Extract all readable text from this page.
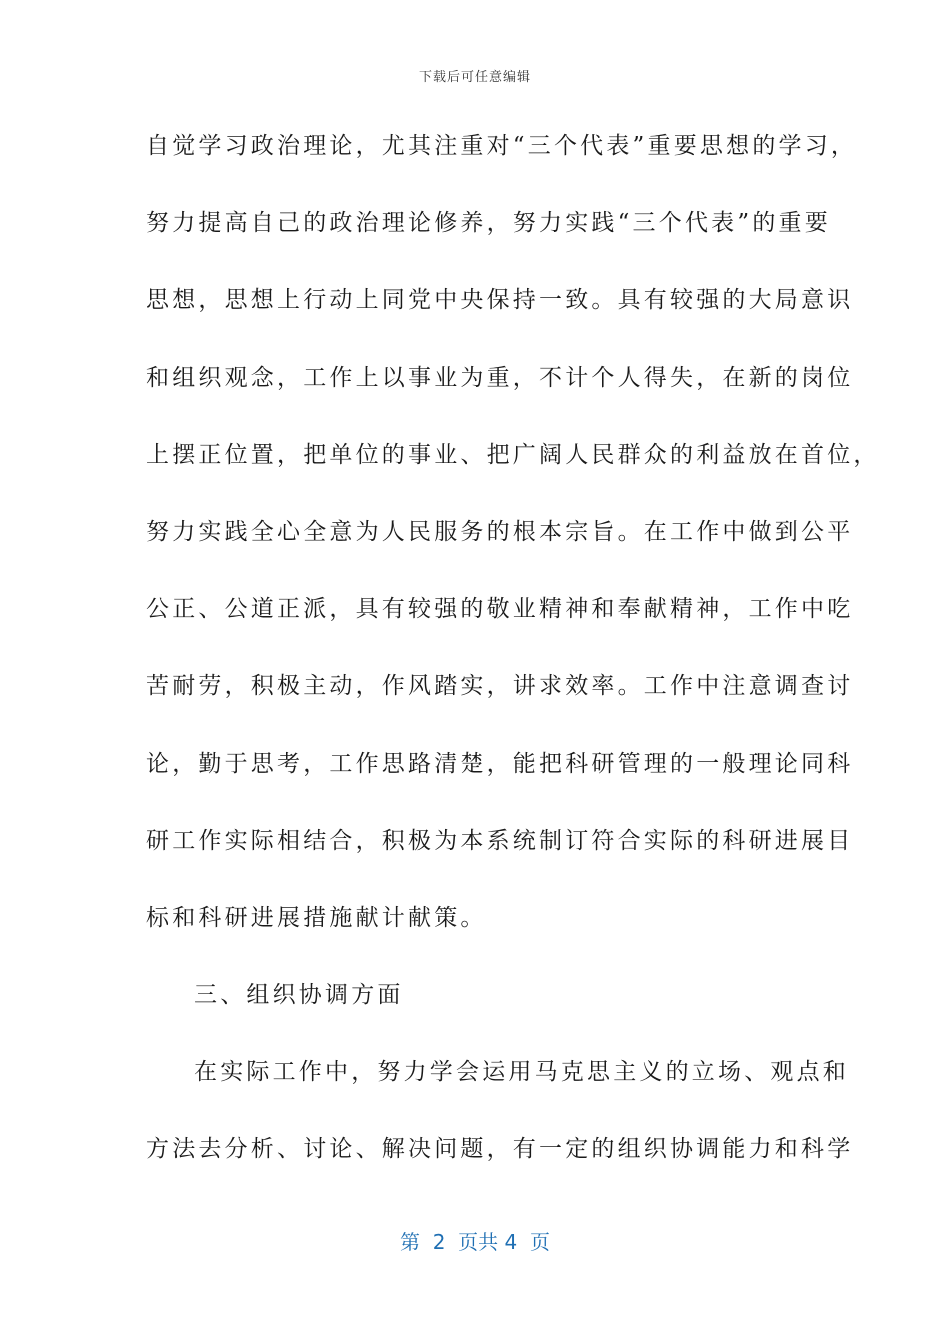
下载后可任意编辑
自觉学习政治理论，尤其注重对“三个代表”重要思想的学习，
努力提高自己的政治理论修养，努力实践“三个代表”的重要
思想，思想上行动上同党中央保持一致。具有较强的大局意识
和组织观念，工作上以事业为重，不计个人得失，在新的岗位
上摆正位置，把单位的事业、把广阔人民群众的利益放在首位，
努力实践全心全意为人民服务的根本宗旨。在工作中做到公平
公正、公道正派，具有较强的敬业精神和奉献精神，工作中吃
苦耐劳，积极主动，作风踏实，讲求效率。工作中注意调查讨
论，勤于思考，工作思路清楚，能把科研管理的一般理论同科
研工作实际相结合，积极为本系统制订符合实际的科研进展目
标和科研进展措施献计献策。
三、组织协调方面
在实际工作中，努力学会运用马克思主义的立场、观点和
方法去分析、讨论、解决问题，有一定的组织协调能力和科学
第  2  页共 4  页
